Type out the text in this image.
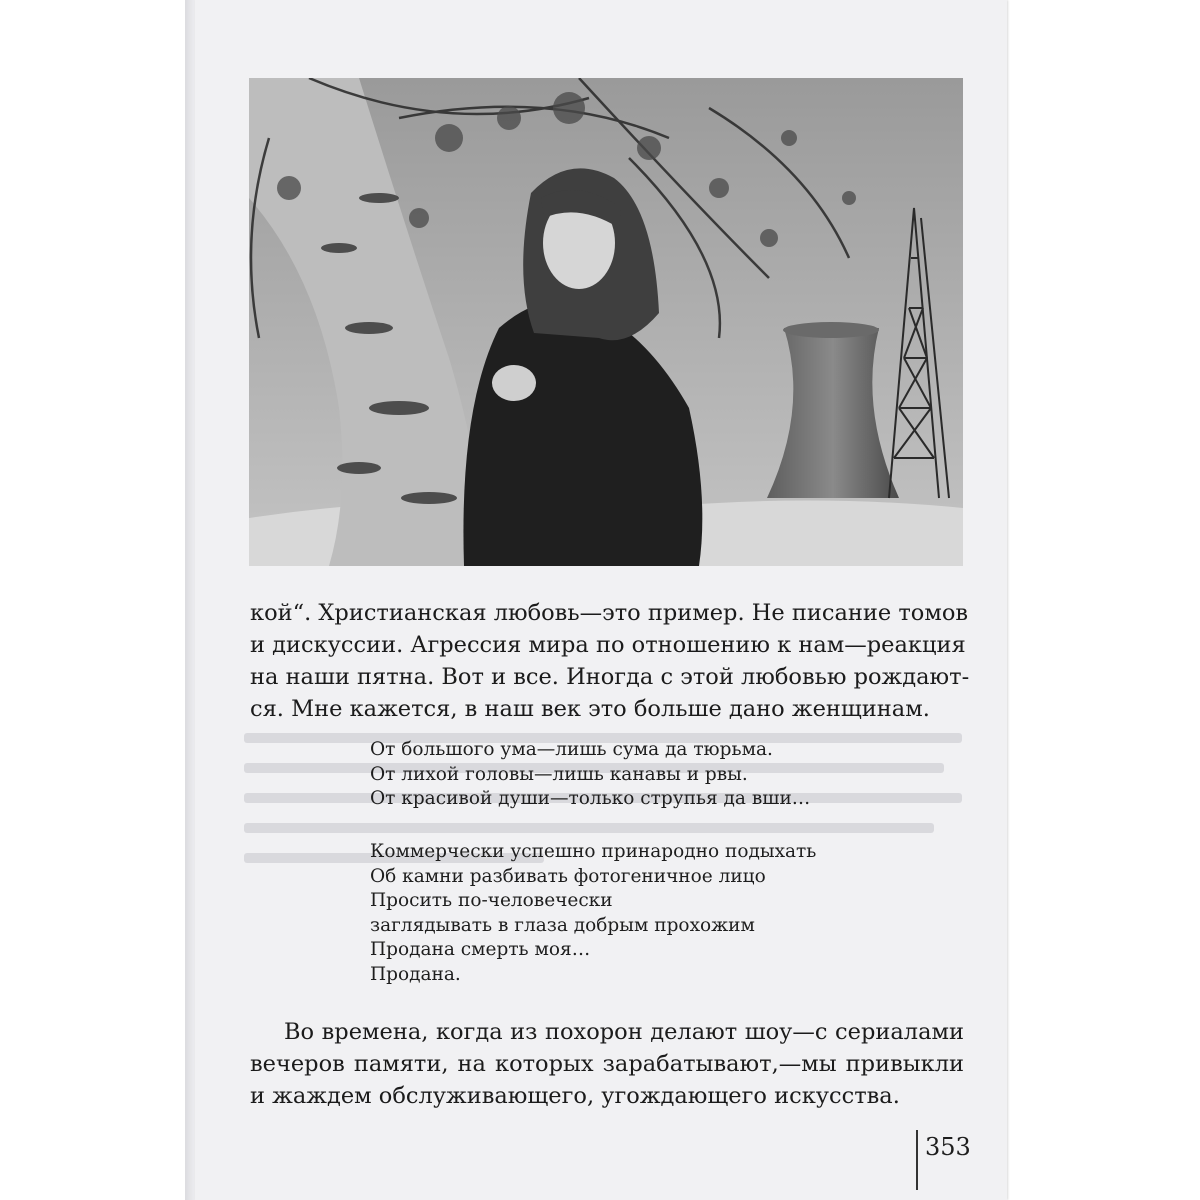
кой“. Христианская любовь—это пример. Не писание томов
и дискуссии. Агрессия мира по отношению к нам—реакция
на наши пятна. Вот и все. Иногда с этой любовью рождают-
ся. Мне кажется, в наш век это больше дано женщинам.
От большого ума—лишь сума да тюрьма.
От лихой головы—лишь канавы и рвы.
От красивой души—только струпья да вши…
Коммерчески успешно принародно подыхать
Об камни разбивать фотогеничное лицо
Просить по-человечески
заглядывать в глаза добрым прохожим
Продана смерть моя…
Продана.
Во времена, когда из похорон делают шоу—с сериалами
вечеров памяти, на которых зарабатывают,—мы привыкли
и жаждем обслуживающего, угождающего искусства.
353
